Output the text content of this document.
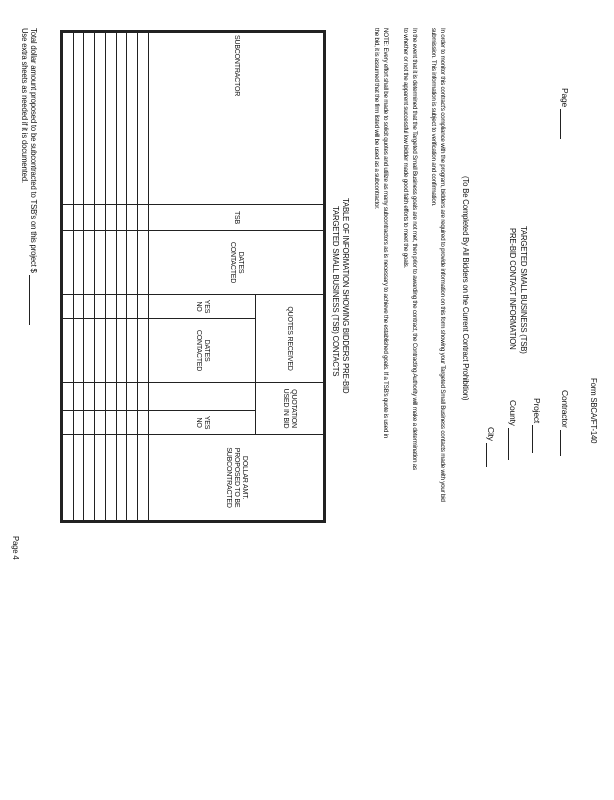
Form SBCA/FT-140
Page
Contractor
Project
County
City
TARGETED SMALL BUSINESS (TSB)
PRE-BID CONTACT INFORMATION
(To Be Completed By All Bidders on the Current Contract Prohibition)
In order to monitor this contract's compliance with the program, bidders are required to provide information on this form showing your Targeted Small Business contacts made with your bid
submission. This information is subject to verification and confirmation.
In the event that it is determined that the Targeted Small Business goals are not met, then prior to awarding the contract, the Contracting Authority will make a determination as
to whether or not the apparent successful low bidder made good faith efforts to meet the goals.
NOTE: Every effort shall be made to solicit quotes and utilize as many subcontractors as is necessary to achieve the established goals. If a TSB's quote is used in
the bid, it is assumed that the firm listed will be used as a subcontractor.
TABLE OF INFORMATION SHOWING BIDDERS PRE-BID
TARGETED SMALL BUSINESS (TSB) CONTACTS
SUBCONTRACTOR	TSB	DATES CONTACTED	QUOTES RECEIVED		QUOTATION USED IN BID		DOLLAR AMT. PROPOSED TO BE SUBCONTRACTED
			YES NO	DATES CONTACTED		YES NO	

Total dollar amount proposed to be subcontracted to TSB's on this project $
Use extra sheets as needed if it is documented.
Page 4
